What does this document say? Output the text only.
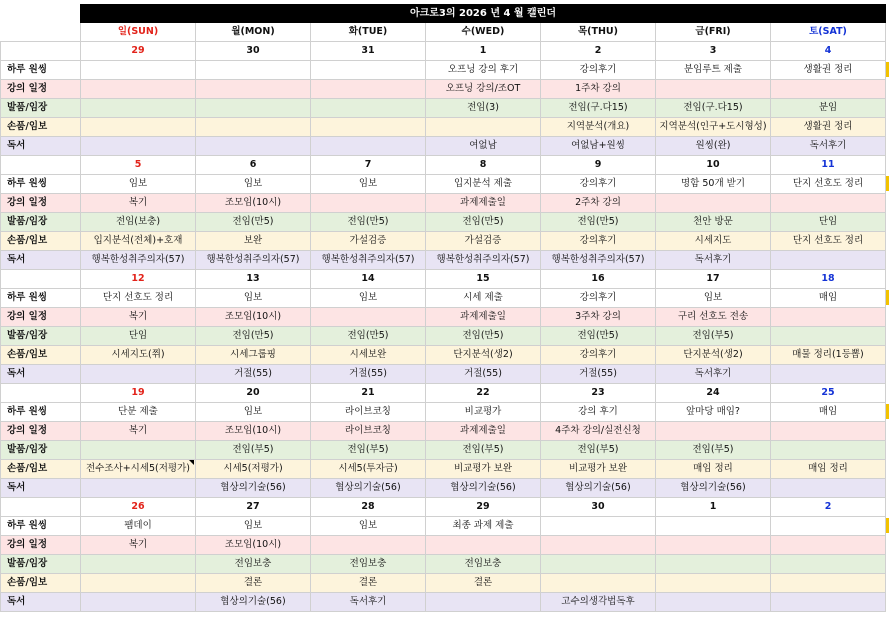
	아크로3의 2026 년 4 월 캘린더						
	일(SUN)	월(MON)	화(TUE)	수(WED)	목(THU)	금(FRI)	토(SAT)
	29	30	31	1	2	3	4
하루 원씽				오프닝 강의 후기	강의후기	분임루트 제출	생활권 정리
강의 일정				오프닝 강의/조OT	1주차 강의		
발품/임장				전임(3)	전임(구.다15)	전임(구.다15)	분임
손품/임보					지역분석(개요)	지역분석(인구+도시형성)	생활권 정리
독서				여없남	여없남+원씽	원씽(완)	독서후기
	5	6	7	8	9	10	11
하루 원씽	임보	임보	임보	입지분석 제출	강의후기	명함 50개 받기	단지 선호도 정리
강의 일정	복기	조모임(10시)		과제제출일	2주차 강의		
발품/임장	전임(보충)	전임(만5)	전임(만5)	전임(만5)	전임(만5)	천안 방문	단임
손품/임보	입지분석(전체)+호재	보완	가설검증	가설검증	강의후기	시세지도	단지 선호도 정리
독서	행복한성취주의자(57)	행복한성취주의자(57)	행복한성취주의자(57)	행복한성취주의자(57)	행복한성취주의자(57)	독서후기	
	12	13	14	15	16	17	18
하루 원씽	단지 선호도 정리	임보	임보	시세 제출	강의후기	임보	매임
강의 일정	복기	조모임(10시)		과제제출일	3주차 강의	구리 선호도 전송	
발품/임장	단임	전임(만5)	전임(만5)	전임(만5)	전임(만5)	전임(부5)	
손품/임보	시세지도(쮜)	시세그룹핑	시세보완	단지분석(생2)	강의후기	단지분석(생2)	매물 정리(1등뽑)
독서		거절(55)	거절(55)	거절(55)	거절(55)	독서후기	
	19	20	21	22	23	24	25
하루 원씽	단분 제출	임보	라이브코칭	비교평가	강의 후기	앞마당 매임?	매임
강의 일정	복기	조모임(10시)	라이브코칭	과제제출일	4주차 강의/실전신청		
발품/임장		전임(부5)	전임(부5)	전임(부5)	전임(부5)	전임(부5)	
손품/임보	전수조사+시세5(저평가)	시세5(저평가)	시세5(투자금)	비교평가 보완	비교평가 보완	매임 정리	매임 정리
독서		협상의기술(56)	협상의기술(56)	협상의기술(56)	협상의기술(56)	협상의기술(56)	
	26	27	28	29	30	1	2
하루 원씽	팸데이	임보	임보	최종 과제 제출			
강의 일정	복기	조모임(10시)					
발품/임장		전임보충	전임보충	전임보충			
손품/임보		결론	결론	결론			
독서		협상의기술(56)	독서후기		고수의생각법독후		
